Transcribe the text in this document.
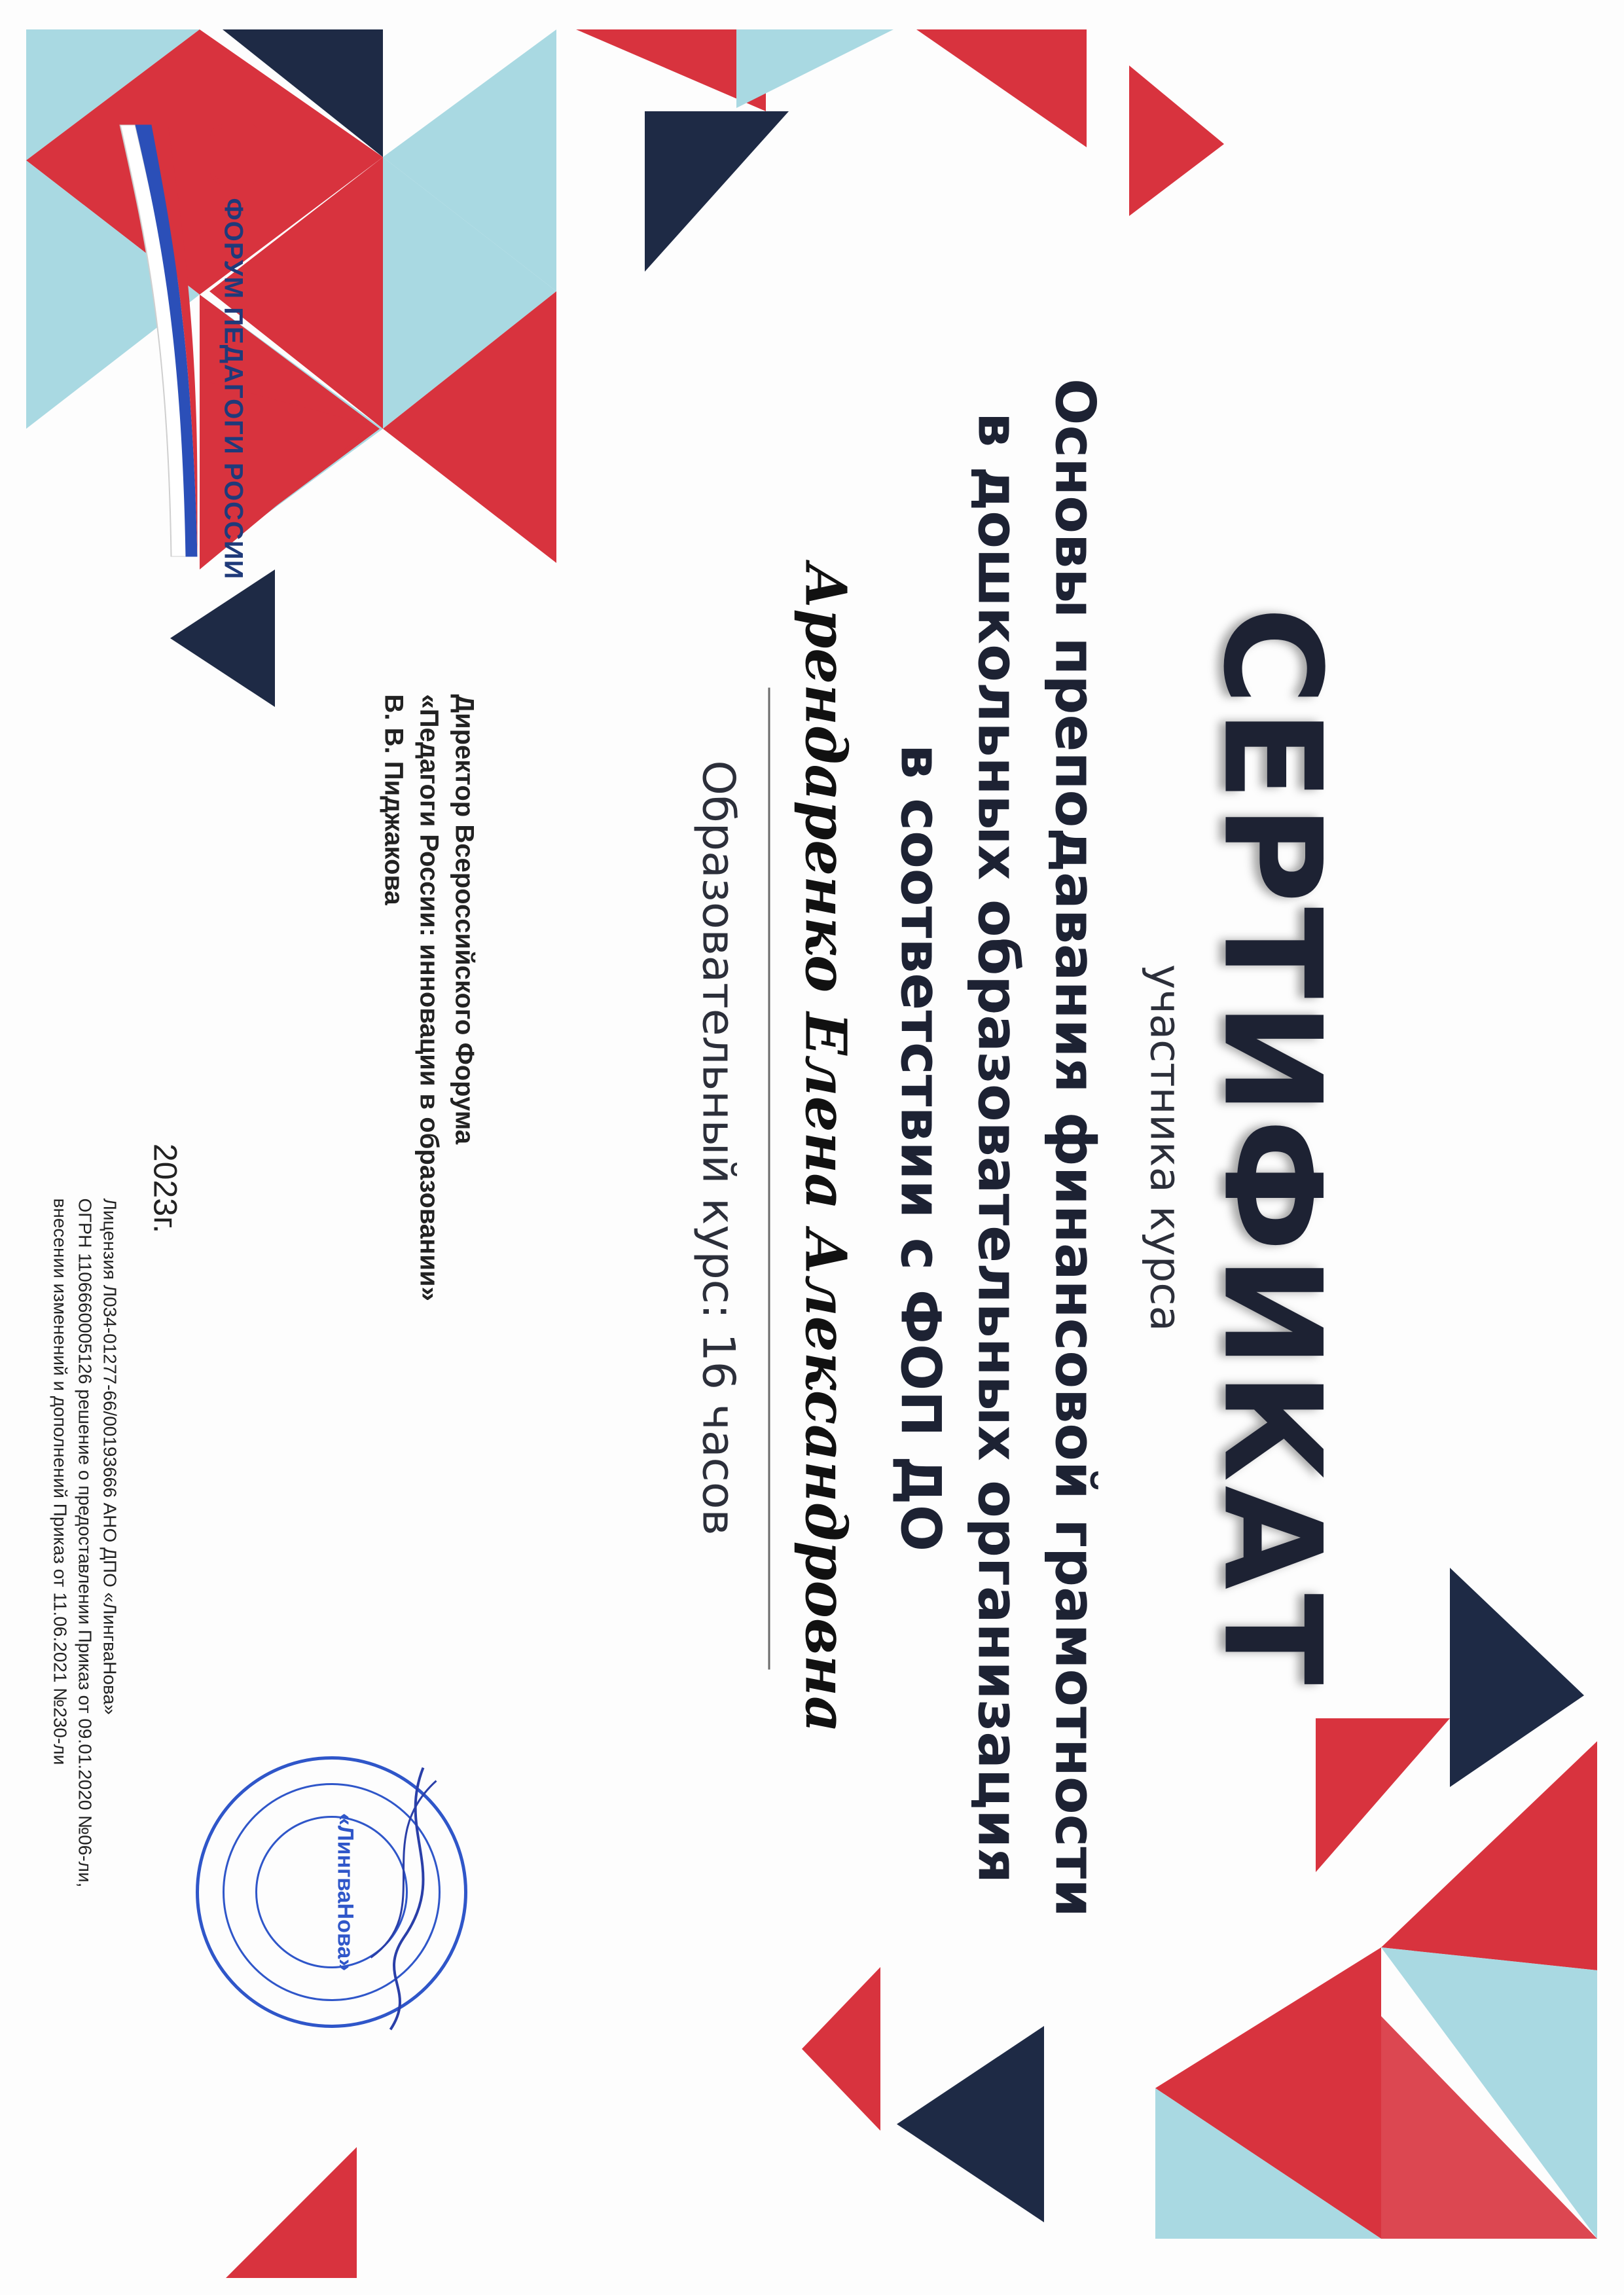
ФОРУМ ПЕДАГОГИ РОССИИ
СЕРТИФИКАТ
участника курса
Основы преподавания финансовой грамотности
в дошкольных образовательных организация
в соответствии с ФОП ДО
Арендаренко Елена Александровна
Образовательный курс: 16 часов
Директор Всероссийского Форума
«Педагоги России: инновации в образовании»
В. В. Пиджакова
2023г.
«ЛингваНова»
Лицензия Л034-01277-66/00193666 АНО ДПО «ЛингваНова»
ОГРН 1106660005126 решение о предоставлении Приказ от 09.01.2020 №06-ли,
внесении изменений и дополнений Приказ от 11.06.2021 №230-ли
